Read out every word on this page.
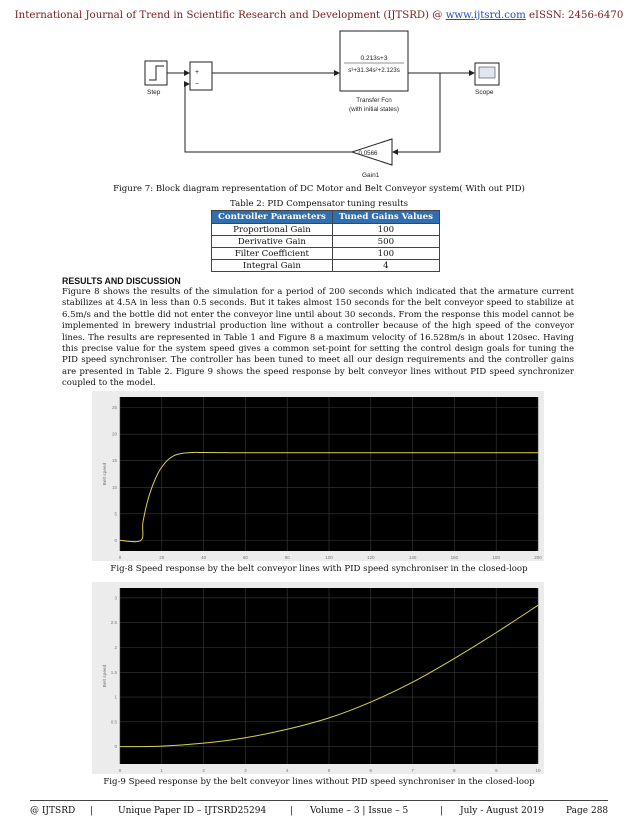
International Journal of Trend in Scientific Research and Development (IJTSRD) @ www.ijtsrd.com eISSN: 2456-6470
Step
+
−
0.213s+3
s³+31.34s²+2.123s
Transfer Fcn
(with initial states)
Scope
0.0566
Gain1
Figure 7: Block diagram representation of DC Motor and Belt Conveyor system( With out PID)
Table 2: PID Compensator tuning results
Controller Parameters	Tuned Gains Values
Proportional Gain	100
Derivative Gain	500
Filter Coefficient	100
Integral Gain	4
RESULTS AND DISCUSSION
Figure 8 shows the results of the simulation for a period of 200 seconds which indicated that the armature current stabilizes at 4.5A in less than 0.5 seconds. But it takes almost 150 seconds for the belt conveyor speed to stabilize at 6.5m/s and the bottle did not enter the conveyor line until about 30 seconds. From the response this model cannot be implemented in brewery industrial production line without a controller because of the high speed of the conveyor lines. The results are represented in Table 1 and Figure 8 a maximum velocity of 16.528m/s in about 120sec. Having this precise value for the system speed gives a common set-point for setting the control design goals for tuning the PID speed synchroniser. The controller has been tuned to meet all our design requirements and the controller gains are presented in Table 2. Figure 9 shows the speed response by belt conveyor lines without PID speed synchronizer coupled to the model.
0	20	40	60	80	100	120	140	160	180	200
0
5
10
15
20
25
Belt speed
Fig-8 Speed response by the belt conveyor lines with PID speed synchroniser in the closed-loop
0	1	2	3	4	5	6	7	8	9	10
0
0.5
1
1.5
2
2.5
3
Belt speed
Fig-9 Speed response by the belt conveyor lines without PID speed synchroniser in the closed-loop
@ IJTSRD |	Unique Paper ID – IJTSRD25294	| Volume – 3 | Issue – 5	| July - August 2019 Page 288
